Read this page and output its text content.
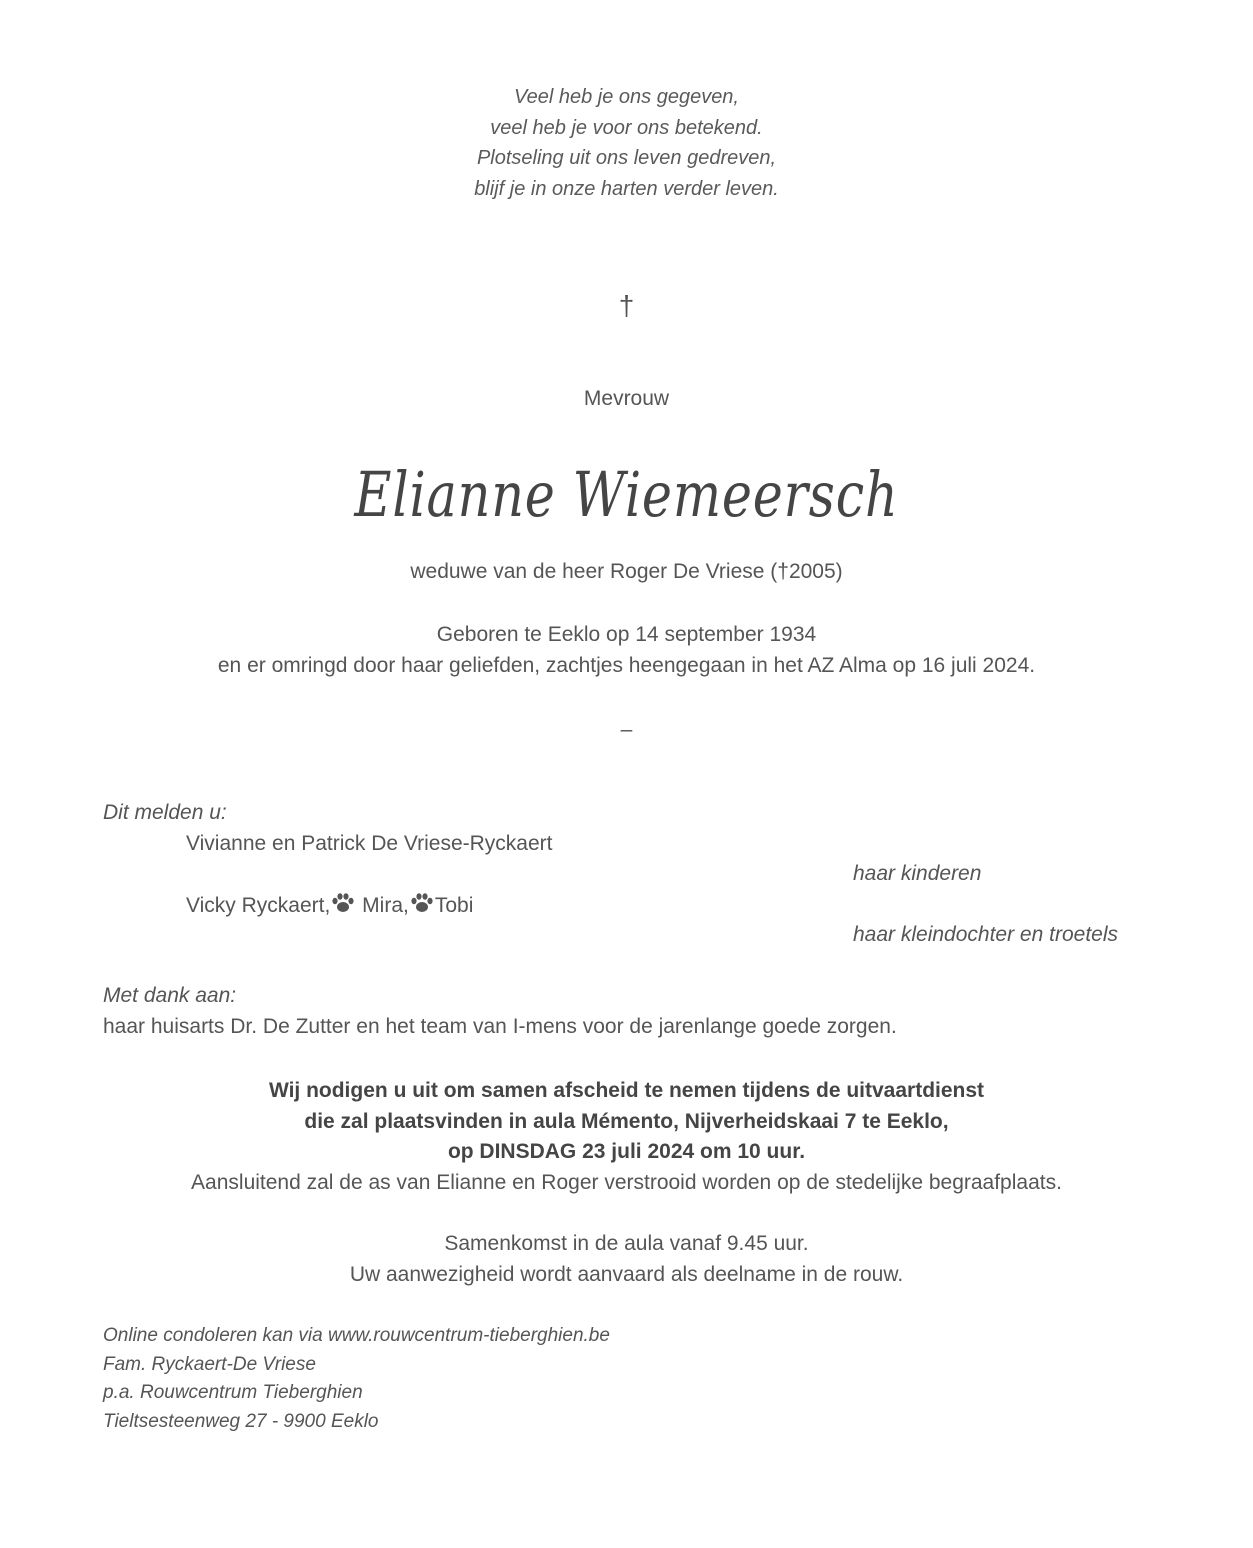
Veel heb je ons gegeven,
veel heb je voor ons betekend.
Plotseling uit ons leven gedreven,
blijf je in onze harten verder leven.
†
Mevrouw
Elianne Wiemeersch
weduwe van de heer Roger De Vriese (†2005)
Geboren te Eeklo op 14 september 1934
en er omringd door haar geliefden, zachtjes heengegaan in het AZ Alma op 16 juli 2024.
–
Dit melden u:
Vivianne en Patrick De Vriese-Ryckaert
haar kinderen
Vicky Ryckaert, Mira, Tobi
haar kleindochter en troetels
Met dank aan:
haar huisarts Dr. De Zutter en het team van I-mens voor de jarenlange goede zorgen.
Wij nodigen u uit om samen afscheid te nemen tijdens de uitvaartdienst
die zal plaatsvinden in aula Mémento, Nijverheidskaai 7 te Eeklo,
op DINSDAG 23 juli 2024 om 10 uur.
Aansluitend zal de as van Elianne en Roger verstrooid worden op de stedelijke begraafplaats.
Samenkomst in de aula vanaf 9.45 uur.
Uw aanwezigheid wordt aanvaard als deelname in de rouw.
Online condoleren kan via www.rouwcentrum-tieberghien.be
Fam. Ryckaert-De Vriese
p.a. Rouwcentrum Tieberghien
Tieltsesteenweg 27 - 9900 Eeklo
